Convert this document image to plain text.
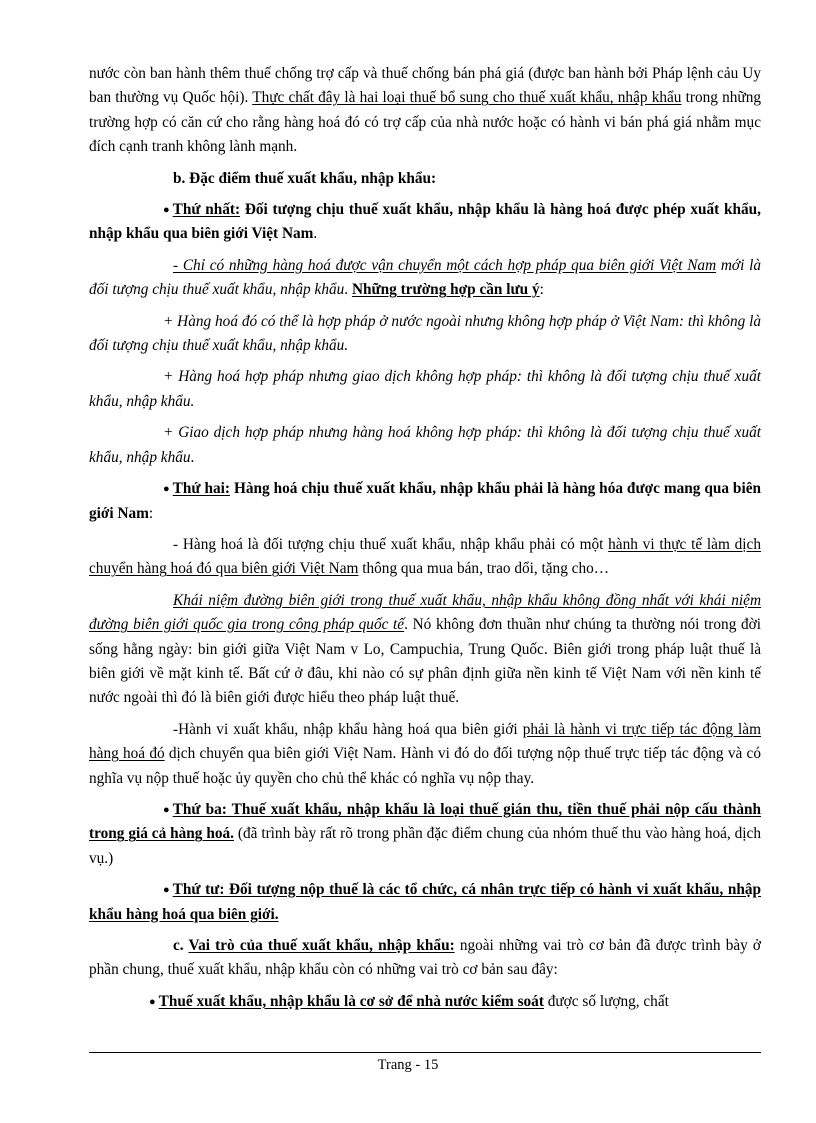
nước còn ban hành thêm thuế chống trợ cấp và thuế chống bán phá giá (được ban hành bởi Pháp lệnh cảu Uy ban thường vụ Quốc hội). Thực chất đây là hai loại thuế bổ sung cho thuế xuất khẩu, nhập khẩu trong những trường hợp có căn cứ cho rằng hàng hoá đó có trợ cấp của nhà nước hoặc có hành vi bán phá giá nhằm mục đích cạnh tranh không lành mạnh.

b. Đặc điểm thuế xuất khẩu, nhập khẩu:

● Thứ nhất: Đối tượng chịu thuế xuất khẩu, nhập khẩu là hàng hoá được phép xuất khẩu, nhập khẩu qua biên giới Việt Nam.

- Chỉ có những hàng hoá được vận chuyển một cách hợp pháp qua biên giới Việt Nam mới là đối tượng chịu thuế xuất khẩu, nhập khẩu. Những trường hợp cần lưu ý:

+ Hàng hoá đó có thể là hợp pháp ở nước ngoài nhưng không hợp pháp ở Việt Nam: thì không là đối tượng chịu thuế xuất khẩu, nhập khẩu.

+ Hàng hoá hợp pháp nhưng giao dịch không hợp pháp: thì không là đối tượng chịu thuế xuất khẩu, nhập khẩu.

+ Giao dịch hợp pháp nhưng hàng hoá không hợp pháp: thì không là đối tượng chịu thuế xuất khẩu, nhập khẩu.

● Thứ hai: Hàng hoá chịu thuế xuất khẩu, nhập khẩu phải là hàng hóa được mang qua biên giới Nam:

- Hàng hoá là đối tượng chịu thuế xuất khẩu, nhập khẩu phải có một hành vi thực tế làm dịch chuyển hàng hoá đó qua biên giới Việt Nam thông qua mua bán, trao dổi, tặng cho…

Khái niệm đường biên giới trong thuế xuất khẩu, nhập khẩu không đồng nhất với khái niệm đường biên giới quốc gia trong công pháp quốc tế. Nó không đơn thuần như chúng ta thường nói trong đời sống hằng ngày: bin giới giữa Việt Nam v Lo, Campuchia, Trung Quốc. Biên giới trong pháp luật thuế là biên giới về mặt kinh tế. Bất cứ ở đâu, khi nào có sự phân định giữa nền kinh tế Việt Nam với nền kinh tế nước ngoài thì đó là biên giới được hiểu theo pháp luật thuế.

-Hành vi xuất khẩu, nhập khẩu hàng hoá qua biên giới phải là hành vi trực tiếp tác động làm hàng hoá đó dịch chuyển qua biên giới Việt Nam. Hành vi đó do đối tượng nộp thuế trực tiếp tác động và có nghĩa vụ nộp thuế hoặc ủy quyền cho chủ thể khác có nghĩa vụ nộp thay.

● Thứ ba: Thuế xuất khẩu, nhập khẩu là loại thuế gián thu, tiền thuế phải nộp cấu thành trong giá cả hàng hoá. (đã trình bày rất rõ trong phần đặc điểm chung của nhóm thuế thu vào hàng hoá, dịch vụ.)

● Thứ tư: Đối tượng nộp thuế là các tổ chức, cá nhân trực tiếp có hành vi xuất khẩu, nhập khẩu hàng hoá qua biên giới.

c. Vai trò của thuế xuất khẩu, nhập khẩu: ngoài những vai trò cơ bản đã được trình bày ở phần chung, thuế xuất khẩu, nhập khẩu còn có những vai trò cơ bản sau đây:

● Thuế xuất khẩu, nhập khẩu là cơ sở để nhà nước kiểm soát được số lượng, chất

Trang - 15
